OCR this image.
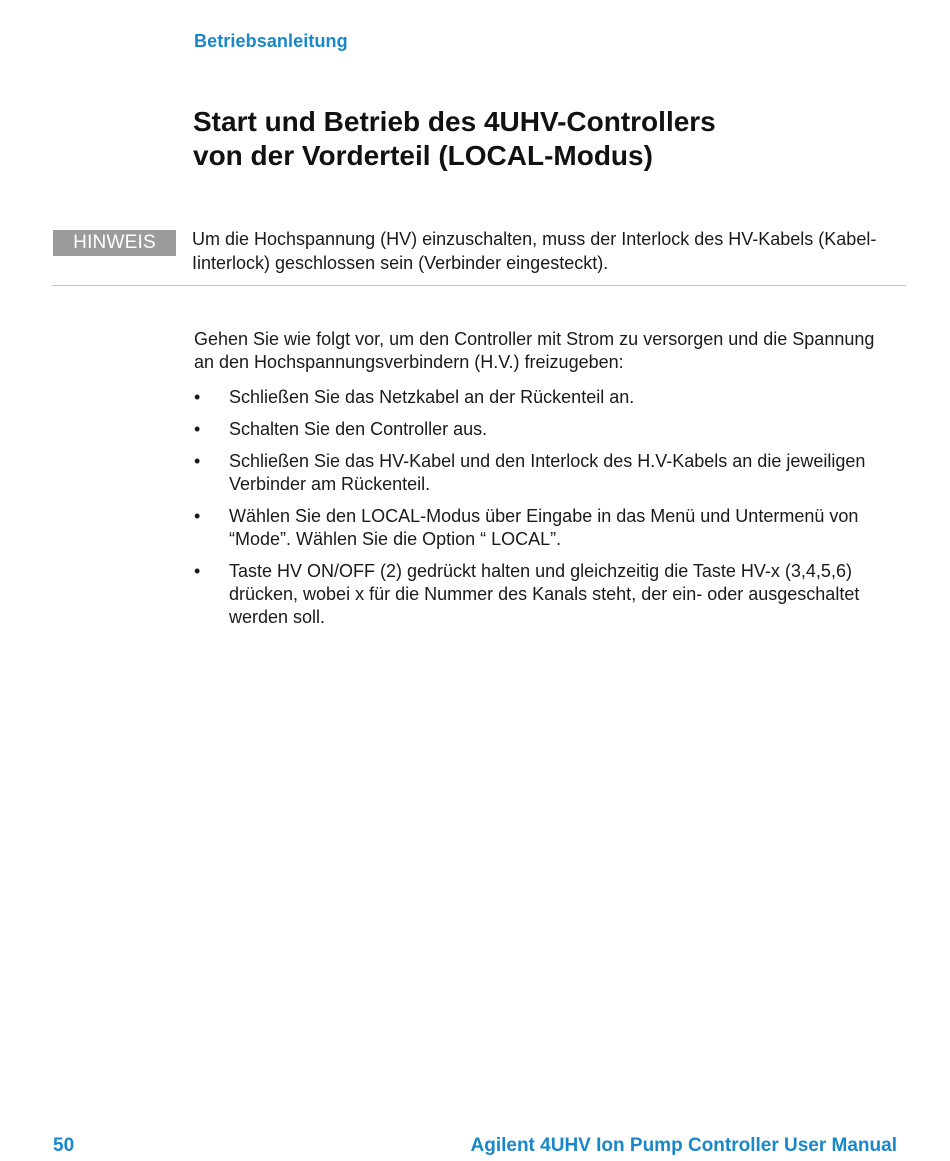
Betriebsanleitung
Start und Betrieb des 4UHV-Controllers
von der Vorderteil (LOCAL-Modus)
HINWEIS	Um die Hochspannung (HV) einzuschalten, muss der Interlock des HV-Kabels (Kabel-Iinterlock) geschlossen sein (Verbinder eingesteckt).

Gehen Sie wie folgt vor, um den Controller mit Strom zu versorgen und die Spannung an den Hochspannungsverbindern (H.V.) freizugeben:

•	Schließen Sie das Netzkabel an der Rückenteil an.
•	Schalten Sie den Controller aus.
•	Schließen Sie das HV-Kabel und den Interlock des H.V-Kabels an die jeweiligen Verbinder am Rückenteil.
•	Wählen Sie den LOCAL-Modus über Eingabe in das Menü und Untermenü von “Mode”. Wählen Sie die Option “ LOCAL”.
•	Taste HV ON/OFF (2) gedrückt halten und gleichzeitig die Taste HV-x (3,4,5,6) drücken, wobei x für die Nummer des Kanals steht, der ein- oder ausgeschaltet werden soll.
50	Agilent 4UHV Ion Pump Controller User Manual
